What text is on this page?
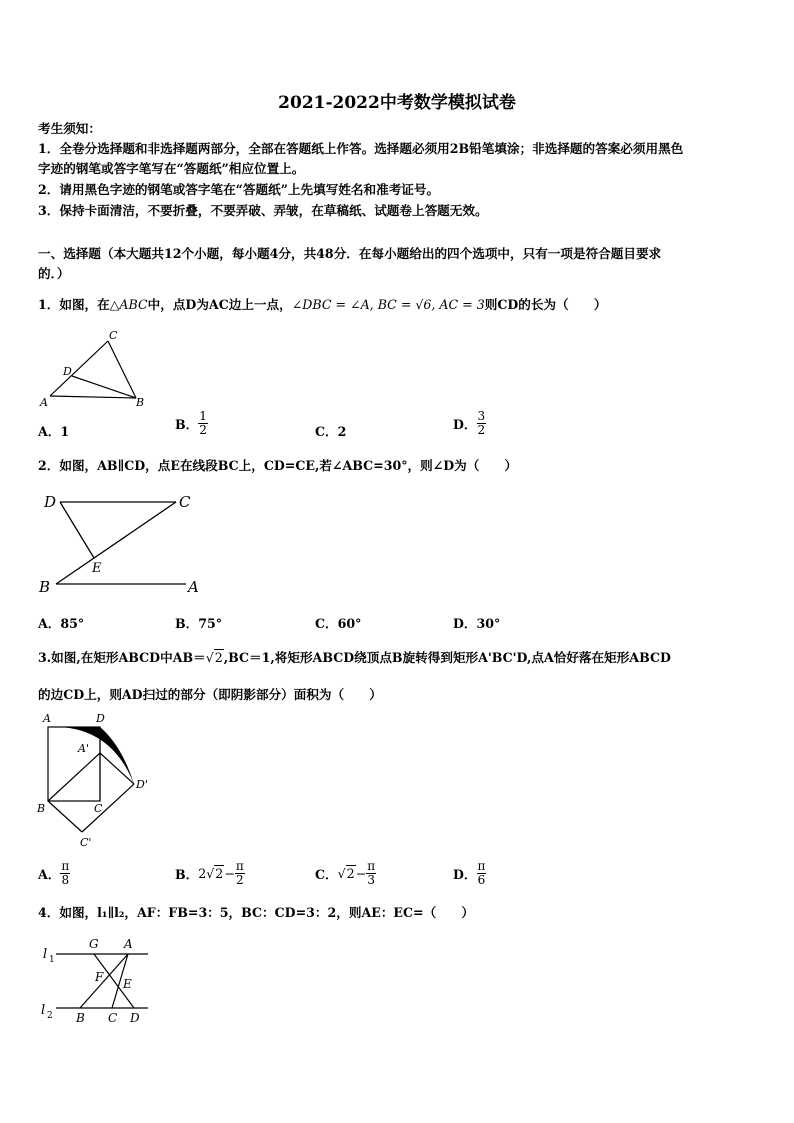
2021-2022中考数学模拟试卷
考生须知：
1．全卷分选择题和非选择题两部分，全部在答题纸上作答。选择题必须用2B铅笔填涂；非选择题的答案必须用黑色
字迹的钢笔或答字笔写在“答题纸”相应位置上。
2．请用黑色字迹的钢笔或答字笔在“答题纸”上先填写姓名和准考证号。
3．保持卡面清洁，不要折叠，不要弄破、弄皱，在草稿纸、试题卷上答题无效。
一、选择题（本大题共12个小题，每小题4分，共48分．在每小题给出的四个选项中，只有一项是符合题目要求
的．）
1．如图，在△ABC中，点D为AC边上一点，∠DBC = ∠A, BC = √6, AC = 3则CD的长为（　　）
C
D
A	B
A．1	B． $\frac{1}{2}$	C．2	D． $\frac{3}{2}$
2．如图，AB∥CD，点E在线段BC上，CD=CE,若∠ABC=30°，则∠D为（　　）
D	C
E
B	A
A．85°	B．75°	C．60°	D．30°
3.如图,在矩形ABCD中AB＝√2,BC＝1,将矩形ABCD绕顶点B旋转得到矩形A'BC'D,点A恰好落在矩形ABCD
的边CD上，则AD扫过的部分（即阴影部分）面积为（　　）
A	D
A'
D'
B	C
C'
A． $\frac{\pi}{8}$	B．$2√2- \frac{\pi}{2}$	C．$√2- \frac{\pi}{3}$	D． $\frac{\pi}{6}$
4．如图，l₁∥l₂，AF：FB=3：5，BC：CD=3：2，则AE：EC=（　　）
l 1
G A
F E
l 2 B C D
